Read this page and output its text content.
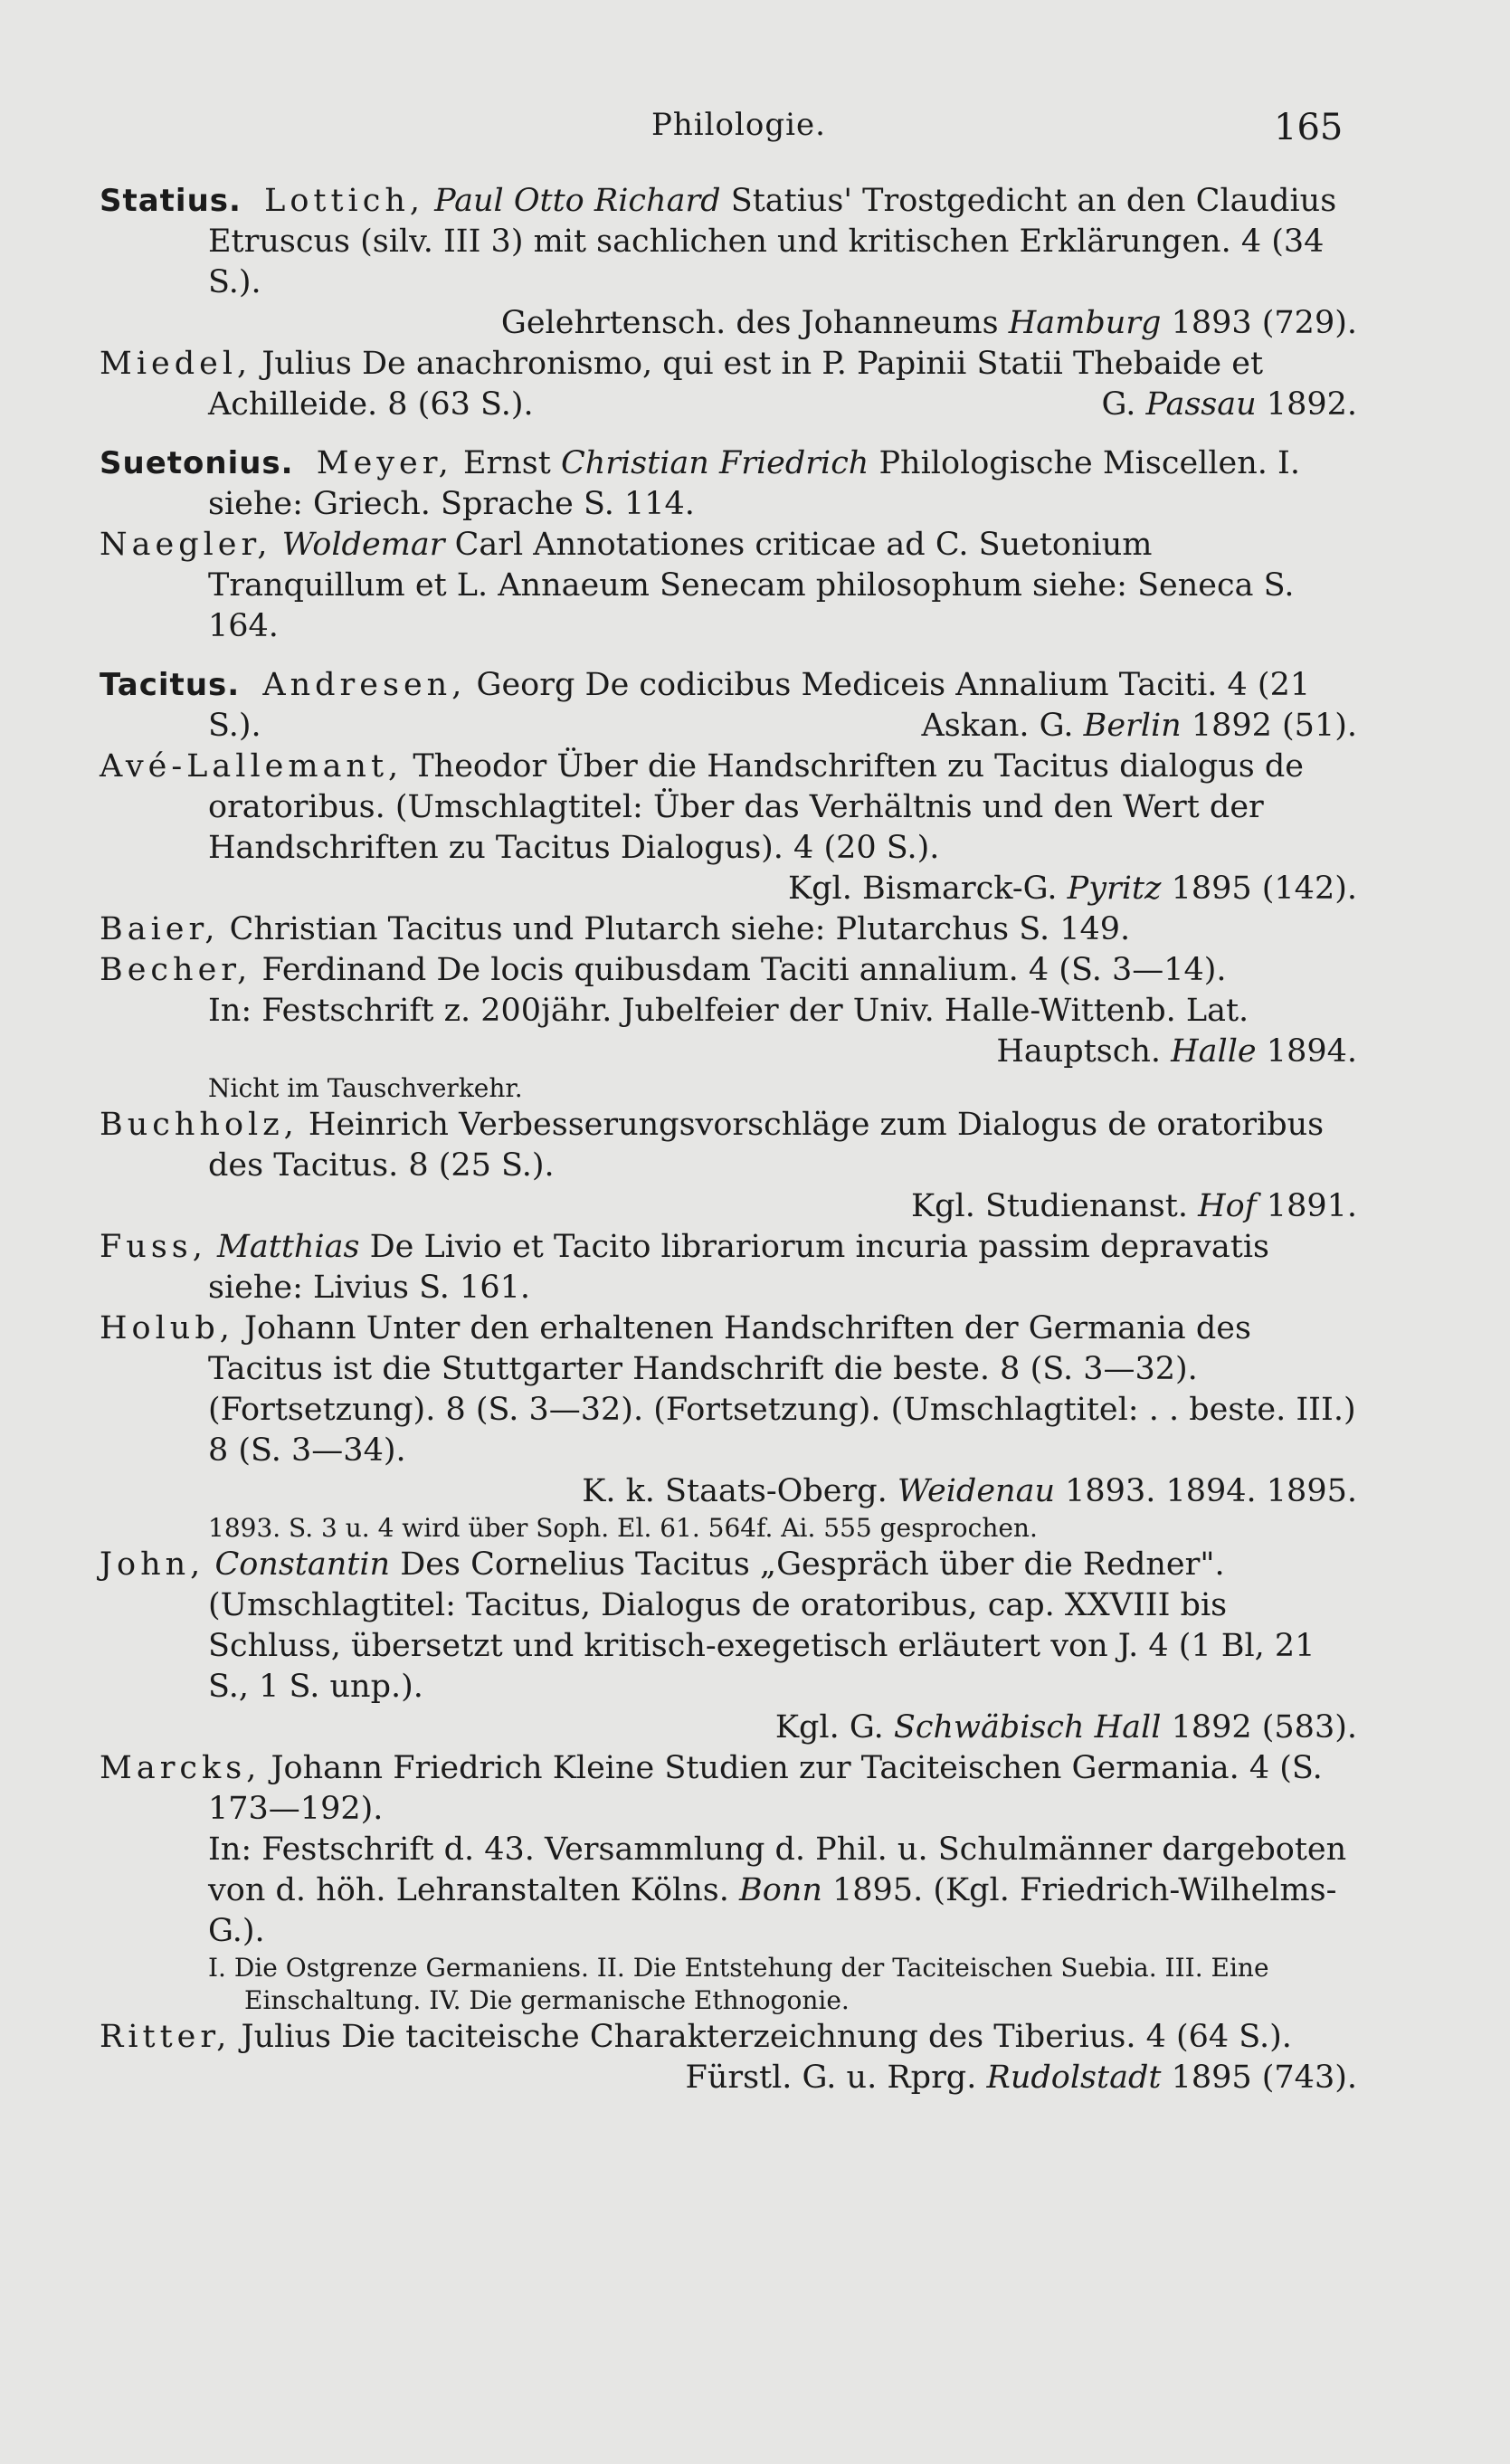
Philologie.	165

Statius. Lottich, Paul Otto Richard Statius' Trostgedicht an den Claudius Etruscus (silv. III 3) mit sachlichen und kritischen Erklärungen. 4 (34 S.).

Gelehrtensch. des Johanneums Hamburg 1893 (729).

Miedel, Julius De anachronismo, qui est in P. Papinii Statii Thebaide et Achilleide. 8 (63 S.).	G. Passau 1892.

Suetonius. Meyer, Ernst Christian Friedrich Philologische Miscellen. I. siehe: Griech. Sprache S. 114.

Naegler, Woldemar Carl Annotationes criticae ad C. Suetonium Tranquillum et L. Annaeum Senecam philosophum siehe: Seneca S. 164.

Tacitus. Andresen, Georg De codicibus Mediceis Annalium Taciti. 4 (21 S.).	Askan. G. Berlin 1892 (51).

Avé-Lallemant, Theodor Über die Handschriften zu Tacitus dialogus de oratoribus. (Umschlagtitel: Über das Verhältnis und den Wert der Handschriften zu Tacitus Dialogus). 4 (20 S.).

Kgl. Bismarck-G. Pyritz 1895 (142).

Baier, Christian Tacitus und Plutarch siehe: Plutarchus S. 149.

Becher, Ferdinand De locis quibusdam Taciti annalium. 4 (S. 3—14).

In: Festschrift z. 200jähr. Jubelfeier der Univ. Halle-Wittenb. Lat.

Hauptsch. Halle 1894.

Nicht im Tauschverkehr.

Buchholz, Heinrich Verbesserungsvorschläge zum Dialogus de oratoribus des Tacitus. 8 (25 S.).

Kgl. Studienanst. Hof 1891.

Fuss, Matthias De Livio et Tacito librariorum incuria passim depravatis siehe: Livius S. 161.

Holub, Johann Unter den erhaltenen Handschriften der Germania des Tacitus ist die Stuttgarter Handschrift die beste. 8 (S. 3—32). (Fortsetzung). 8 (S. 3—32). (Fortsetzung). (Umschlagtitel: . . beste. III.) 8 (S. 3—34).

K. k. Staats-Oberg. Weidenau 1893. 1894. 1895.

1893. S. 3 u. 4 wird über Soph. El. 61. 564f. Ai. 555 gesprochen.

John, Constantin Des Cornelius Tacitus „Gespräch über die Redner". (Umschlagtitel: Tacitus, Dialogus de oratoribus, cap. XXVIII bis Schluss, übersetzt und kritisch-exegetisch erläutert von J. 4 (1 Bl, 21 S., 1 S. unp.).

Kgl. G. Schwäbisch Hall 1892 (583).

Marcks, Johann Friedrich Kleine Studien zur Taciteischen Germania. 4 (S. 173—192).

In: Festschrift d. 43. Versammlung d. Phil. u. Schulmänner dargeboten von d. höh. Lehranstalten Kölns. Bonn 1895. (Kgl. Friedrich-Wilhelms-G.).

I. Die Ostgrenze Germaniens. II. Die Entstehung der Taciteischen Suebia. III. Eine Einschaltung. IV. Die germanische Ethnogonie.

Ritter, Julius Die taciteische Charakterzeichnung des Tiberius. 4 (64 S.).
Fürstl. G. u. Rprg. Rudolstadt 1895 (743).
